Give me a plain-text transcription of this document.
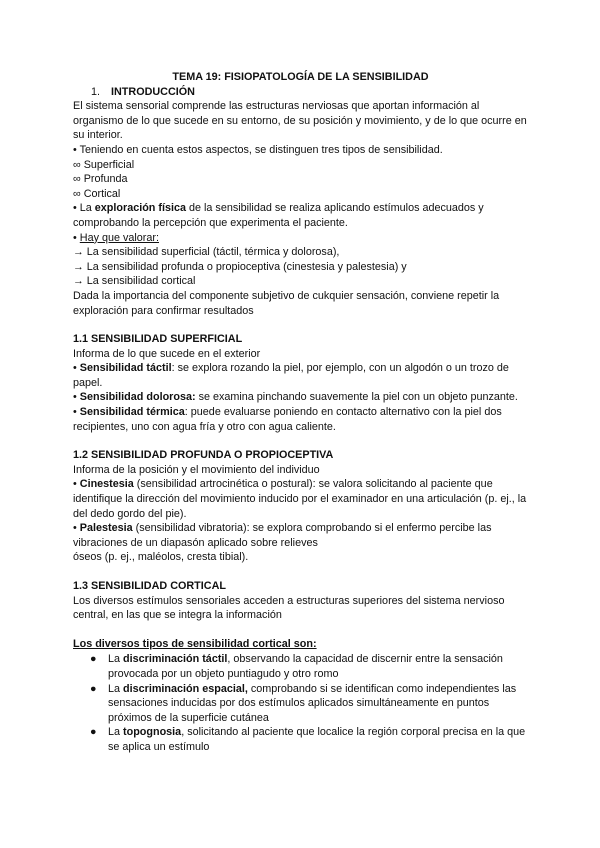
TEMA 19: FISIOPATOLOGÍA DE LA SENSIBILIDAD

1. INTRODUCCIÓN

El sistema sensorial comprende las estructuras nerviosas que aportan información al organismo de lo que sucede en su entorno, de su posición y movimiento, y de lo que ocurre en su interior.

• Teniendo en cuenta estos aspectos, se distinguen tres tipos de sensibilidad.

∞ Superficial

∞ Profunda

∞ Cortical

• La exploración física de la sensibilidad se realiza aplicando estímulos adecuados y comprobando la percepción que experimenta el paciente.

• Hay que valorar:

→ La sensibilidad superficial (táctil, térmica y dolorosa),

→ La sensibilidad profunda o propioceptiva (cinestesia y palestesia) y

→ La sensibilidad cortical

Dada la importancia del componente subjetivo de cukquier sensación, conviene repetir la exploración para confirmar resultados

1.1 SENSIBILIDAD SUPERFICIAL

Informa de lo que sucede en el exterior

• Sensibilidad táctil: se explora rozando la piel, por ejemplo, con un algodón o un trozo de papel.

• Sensibilidad dolorosa: se examina pinchando suavemente la piel con un objeto punzante.

• Sensibilidad térmica: puede evaluarse poniendo en contacto alternativo con la piel dos recipientes, uno con agua fría y otro con agua caliente.

1.2 SENSIBILIDAD PROFUNDA O PROPIOCEPTIVA

Informa de la posición y el movimiento del individuo

• Cinestesia (sensibilidad artrocinética o postural): se valora solicitando al paciente que identifique la dirección del movimiento inducido por el examinador en una articulación (p. ej., la del dedo gordo del pie).

• Palestesia (sensibilidad vibratoria): se explora comprobando si el enfermo percibe las vibraciones de un diapasón aplicado sobre relieves

óseos (p. ej., maléolos, cresta tibial).

1.3 SENSIBILIDAD CORTICAL

Los diversos estímulos sensoriales acceden a estructuras superiores del sistema nervioso central, en las que se integra la información

Los diversos tipos de sensibilidad cortical son:

● La discriminación táctil, observando la capacidad de discernir entre la sensación provocada por un objeto puntiagudo y otro romo
● La discriminación espacial, comprobando si se identifican como independientes las sensaciones inducidas por dos estímulos aplicados simultáneamente en puntos próximos de la superficie cutánea
● La topognosia, solicitando al paciente que localice la región corporal precisa en la que se aplica un estímulo
